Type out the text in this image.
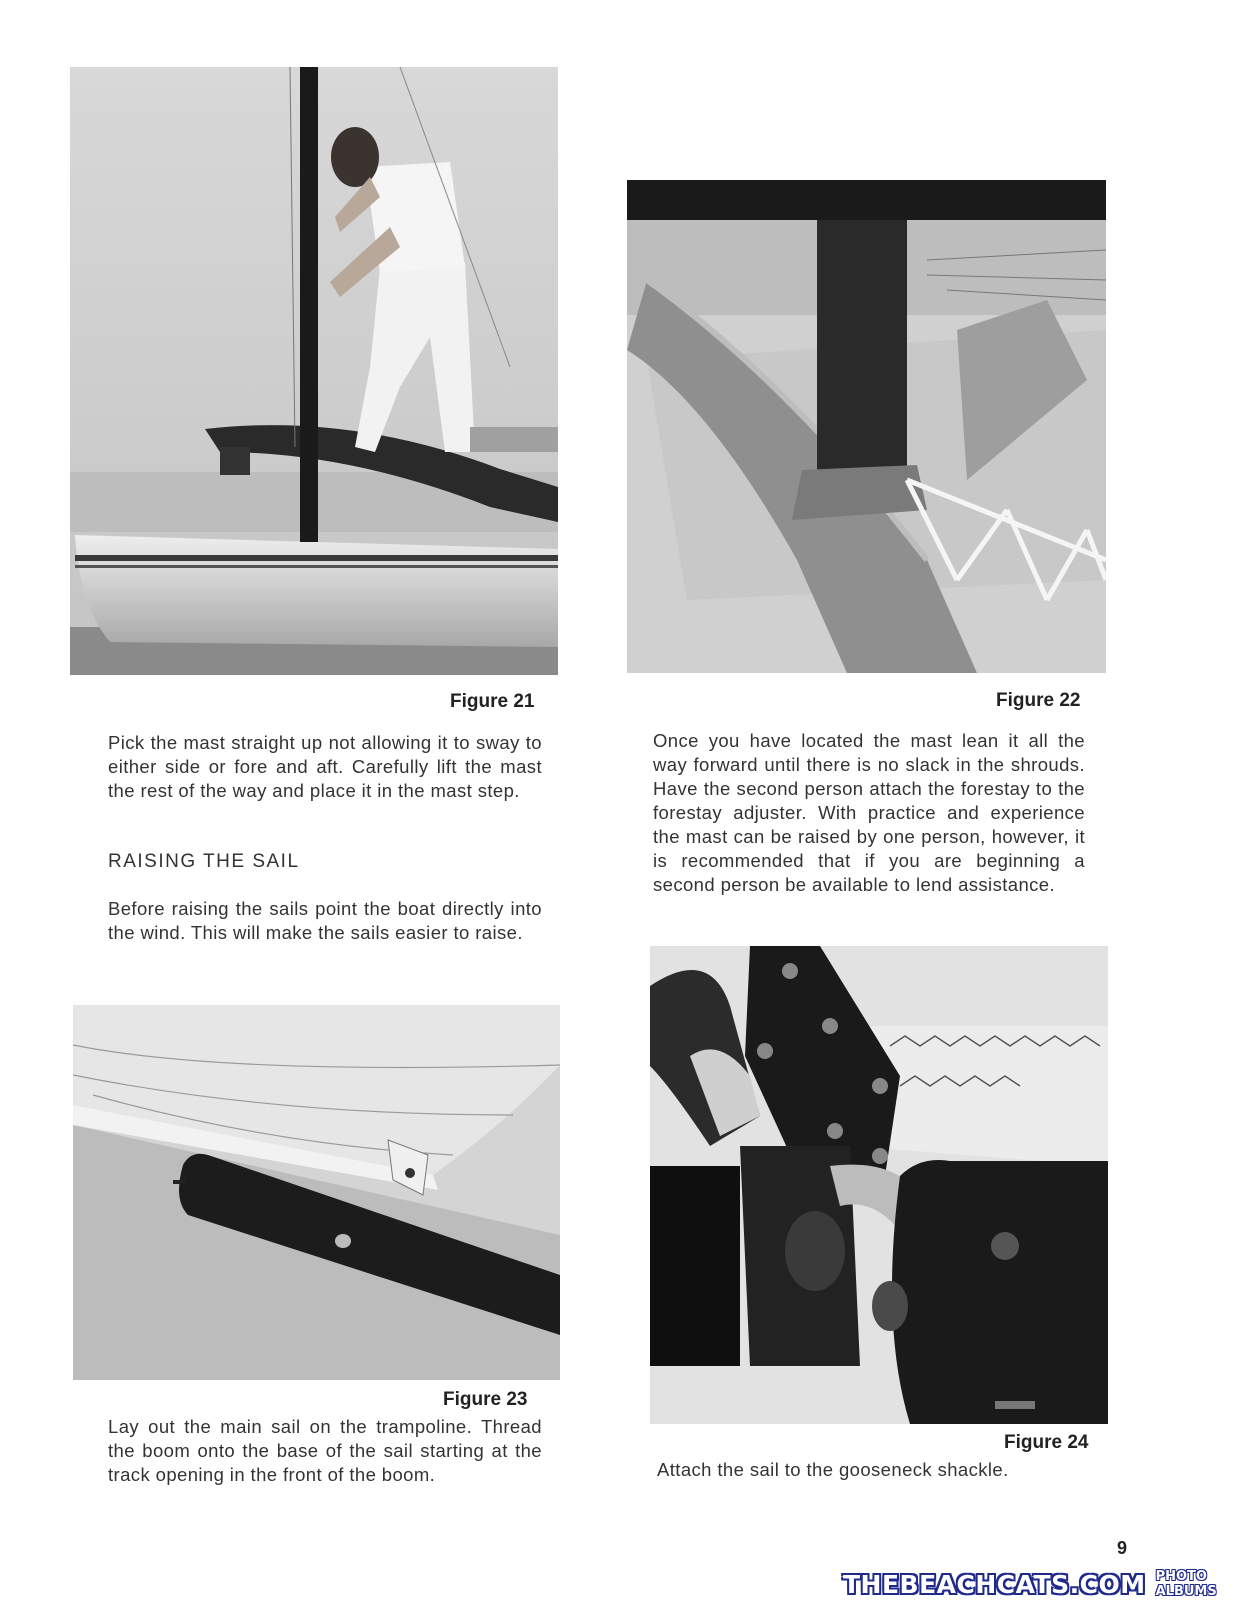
Figure 21

Pick the mast straight up not allowing it to sway to either side or fore and aft. Carefully lift the mast the rest of the way and place it in the mast step.

RAISING THE SAIL

Before raising the sails point the boat directly into the wind. This will make the sails easier to raise.

Figure 23

Lay out the main sail on the trampoline. Thread the boom onto the base of the sail starting at the track opening in the front of the boom.

Figure 22

Once you have located the mast lean it all the way forward until there is no slack in the shrouds. Have the second person attach the forestay to the forestay adjuster. With practice and experience the mast can be raised by one person, however, it is recommended that if you are beginning a second person be available to lend assistance.

Figure 24

Attach the sail to the gooseneck shackle.

9
THEBEACHCATS.COM PHOTO ALBUMS
